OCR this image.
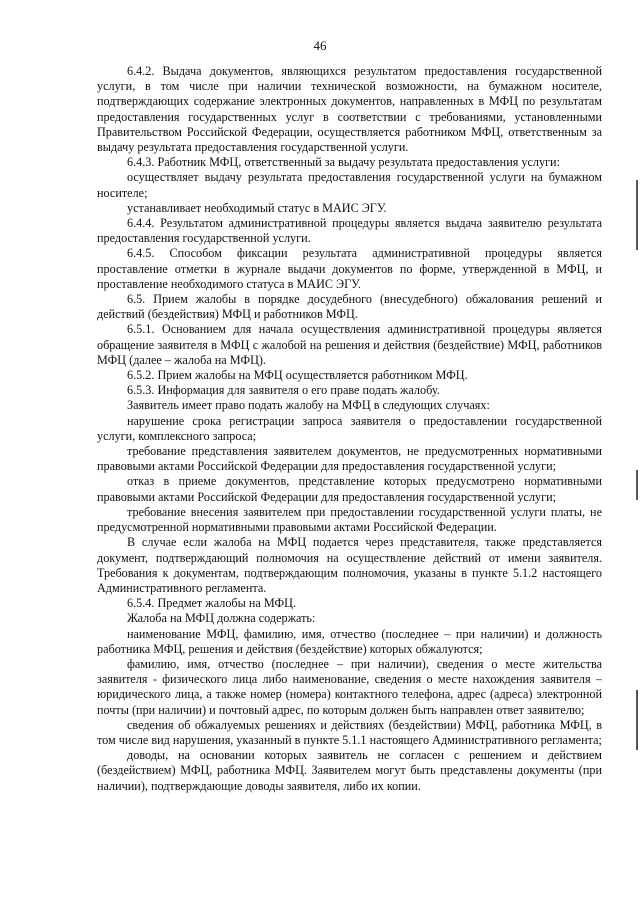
46

6.4.2. Выдача документов, являющихся результатом предоставления государственной услуги, в том числе при наличии технической возможности, на бумажном носителе, подтверждающих содержание электронных документов, направленных в МФЦ по результатам предоставления государственных услуг в соответствии с требованиями, установленными Правительством Российской Федерации, осуществляется работником МФЦ, ответственным за выдачу результата предоставления государственной услуги.

6.4.3. Работник МФЦ, ответственный за выдачу результата предоставления услуги:

осуществляет выдачу результата предоставления государственной услуги на бумажном носителе;

устанавливает необходимый статус в МАИС ЭГУ.

6.4.4. Результатом административной процедуры является выдача заявителю результата предоставления государственной услуги.

6.4.5. Способом фиксации результата административной процедуры является проставление отметки в журнале выдачи документов по форме, утвержденной в МФЦ, и проставление необходимого статуса в МАИС ЭГУ.

6.5. Прием жалобы в порядке досудебного (внесудебного) обжалования решений и действий (бездействия) МФЦ и работников МФЦ.

6.5.1. Основанием для начала осуществления административной процедуры является обращение заявителя в МФЦ с жалобой на решения и действия (бездействие) МФЦ, работников МФЦ (далее – жалоба на МФЦ).

6.5.2. Прием жалобы на МФЦ осуществляется работником МФЦ.

6.5.3. Информация для заявителя о его праве подать жалобу.

Заявитель имеет право подать жалобу на МФЦ в следующих случаях:

нарушение срока регистрации запроса заявителя о предоставлении государственной услуги, комплексного запроса;

требование представления заявителем документов, не предусмотренных нормативными правовыми актами Российской Федерации для предоставления государственной услуги;

отказ в приеме документов, представление которых предусмотрено нормативными правовыми актами Российской Федерации для предоставления государственной услуги;

требование внесения заявителем при предоставлении государственной услуги платы, не предусмотренной нормативными правовыми актами Российской Федерации.

В случае если жалоба на МФЦ подается через представителя, также представляется документ, подтверждающий полномочия на осуществление действий от имени заявителя. Требования к документам, подтверждающим полномочия, указаны в пункте 5.1.2 настоящего Административного регламента.

6.5.4. Предмет жалобы на МФЦ.

Жалоба на МФЦ должна содержать:

наименование МФЦ, фамилию, имя, отчество (последнее – при наличии) и должность работника МФЦ, решения и действия (бездействие) которых обжалуются;

фамилию, имя, отчество (последнее – при наличии), сведения о месте жительства заявителя - физического лица либо наименование, сведения о месте нахождения заявителя – юридического лица, а также номер (номера) контактного телефона, адрес (адреса) электронной почты (при наличии) и почтовый адрес, по которым должен быть направлен ответ заявителю;

сведения об обжалуемых решениях и действиях (бездействии) МФЦ, работника МФЦ, в том числе вид нарушения, указанный в пункте 5.1.1 настоящего Административного регламента;

доводы, на основании которых заявитель не согласен с решением и действием (бездействием) МФЦ, работника МФЦ. Заявителем могут быть представлены документы (при наличии), подтверждающие доводы заявителя, либо их копии.
